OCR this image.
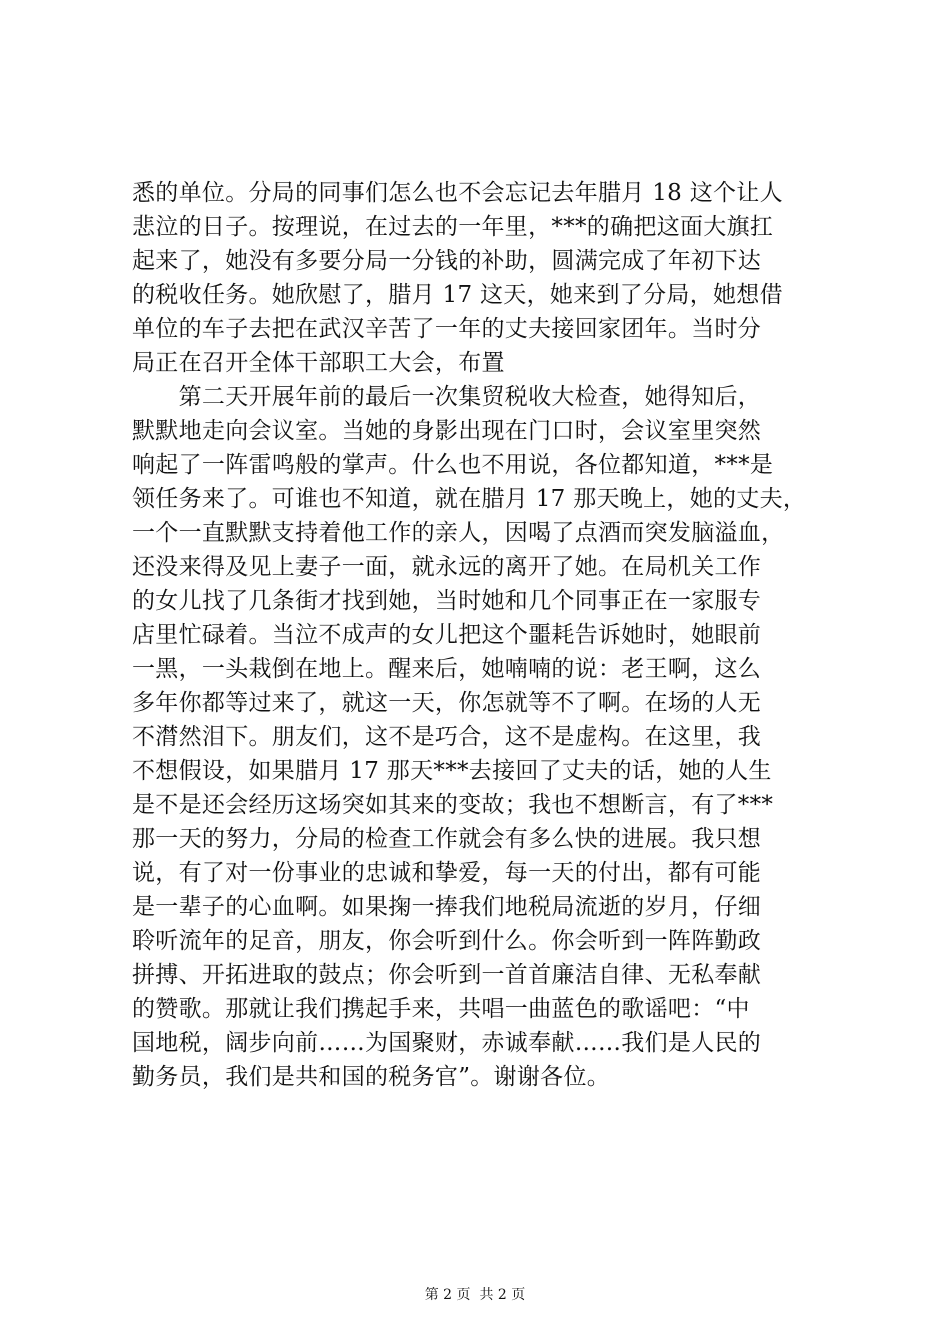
悉的单位。分局的同事们怎么也不会忘记去年腊月 18 这个让人
悲泣的日子。按理说，在过去的一年里，***的确把这面大旗扛
起来了，她没有多要分局一分钱的补助，圆满完成了年初下达
的税收任务。她欣慰了，腊月 17 这天，她来到了分局，她想借
单位的车子去把在武汉辛苦了一年的丈夫接回家团年。当时分
局正在召开全体干部职工大会，布置
　　第二天开展年前的最后一次集贸税收大检查，她得知后，
默默地走向会议室。当她的身影出现在门口时，会议室里突然
响起了一阵雷鸣般的掌声。什么也不用说，各位都知道，***是
领任务来了。可谁也不知道，就在腊月 17 那天晚上，她的丈夫，
一个一直默默支持着他工作的亲人，因喝了点酒而突发脑溢血，
还没来得及见上妻子一面，就永远的离开了她。在局机关工作
的女儿找了几条街才找到她，当时她和几个同事正在一家服专
店里忙碌着。当泣不成声的女儿把这个噩耗告诉她时，她眼前
一黑，一头栽倒在地上。醒来后，她喃喃的说：老王啊，这么
多年你都等过来了，就这一天，你怎就等不了啊。在场的人无
不潸然泪下。朋友们，这不是巧合，这不是虚构。在这里，我
不想假设，如果腊月 17 那天***去接回了丈夫的话，她的人生
是不是还会经历这场突如其来的变故；我也不想断言，有了***
那一天的努力，分局的检查工作就会有多么快的进展。我只想
说，有了对一份事业的忠诚和挚爱，每一天的付出，都有可能
是一辈子的心血啊。如果掬一捧我们地税局流逝的岁月，仔细
聆听流年的足音，朋友，你会听到什么。你会听到一阵阵勤政
拼搏、开拓进取的鼓点；你会听到一首首廉洁自律、无私奉献
的赞歌。那就让我们携起手来，共唱一曲蓝色的歌谣吧：“中
国地税，阔步向前……为国聚财，赤诚奉献……我们是人民的
勤务员，我们是共和国的税务官”。谢谢各位。
第 2 页  共 2 页
